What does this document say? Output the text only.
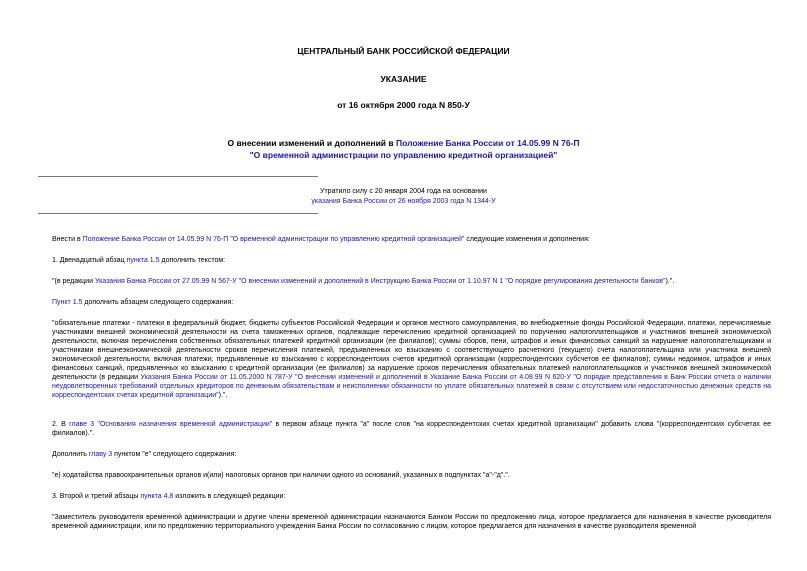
ЦЕНТРАЛЬНЫЙ БАНК РОССИЙСКОЙ ФЕДЕРАЦИИ
УКАЗАНИЕ
от 16 октября 2000 года N 850-У
О внесении изменений и дополнений в Положение Банка России от 14.05.99 N 76-П
"О временной администрации по управлению кредитной организацией"
Утратило силу с 20 января 2004 года на основании
указания Банка России от 26 ноября 2003 года N 1344-У

Внести в Положение Банка России от 14.05.99 N 76-П "О временной администрации по управлению кредитной организацией" следующие изменения и дополнения:

1. Двенадцатый абзац пункта 1.5 дополнить текстом:

"(в редакции Указания Банка России от 27.05.99 N 567-У "О внесении изменений и дополнений в Инструкцию Банка России от 1.10.97 N 1 "О порядке регулирования деятельности банков").".

Пункт 1.5 дополнить абзацем следующего содержания:

"обязательные платежи - платежи в федеральный бюджет, бюджеты субъектов Российской Федерации и органов местного самоуправления, во внебюджетные фонды Российской Федерации, платежи, перечисляемые участниками внешней экономической деятельности на счета таможенных органов, подлежащие перечислению кредитной организацией по поручению налогоплательщиков и участников внешней экономической деятельности, включая перечисления собственных обязательных платежей кредитной организации (ее филиалов); суммы сборов, пени, штрафов и иных финансовых санкций за нарушение налогоплательщиками и участниками внешнеэкономической деятельности сроков перечисления платежей, предъявленных ко взысканию с соответствующего расчетного (текущего) счета налогоплательщика или участника внешней экономической деятельности, включая платежи, предъявленные ко взысканию с корреспондентских счетов кредитной организации (корреспондентских субсчетов ее филиалов); суммы недоимок, штрафов и иных финансовых санкций, предъявленных ко взысканию с кредитной организации (ее филиалов) за нарушение сроков перечисления обязательных платежей налогоплательщиков и участников внешней экономической деятельности (в редакции Указания Банка России от 11.05.2000 N 787-У "О внесении изменений и дополнений в Указание Банка России от 4.08.99 N 620-У "О порядке представления в Банк России отчета о наличии неудовлетворенных требований отдельных кредиторов по денежным обязательствам и неисполнении обязанности по уплате обязательных платежей в связи с отсутствием или недостаточностью денежных средств на корреспондентских счетах кредитной организации").".

2. В главе 3 "Основания назначения временной администрации" в первом абзаце пункта "а" после слов "на корреспондентских счетах кредитной организации" добавить слова "(корреспондентских субсчетах ее филиалов).".

Дополнить главу 3 пунктом "е" следующего содержания:

"е) ходатайства правоохранительных органов и(или) налоговых органов при наличии одного из оснований, указанных в подпунктах "а"-"д".".

3. Второй и третий абзацы пункта 4.8 изложить в следующей редакции:

"Заместитель руководителя временной администрации и другие члены временной администрации назначаются Банком России по предложению лица, которое предлагается для назначения в качестве руководителя временной администрации, или по предложению территориального учреждения Банка России по согласованию с лицом, которое предлагается для назначения в качестве руководителя временной
